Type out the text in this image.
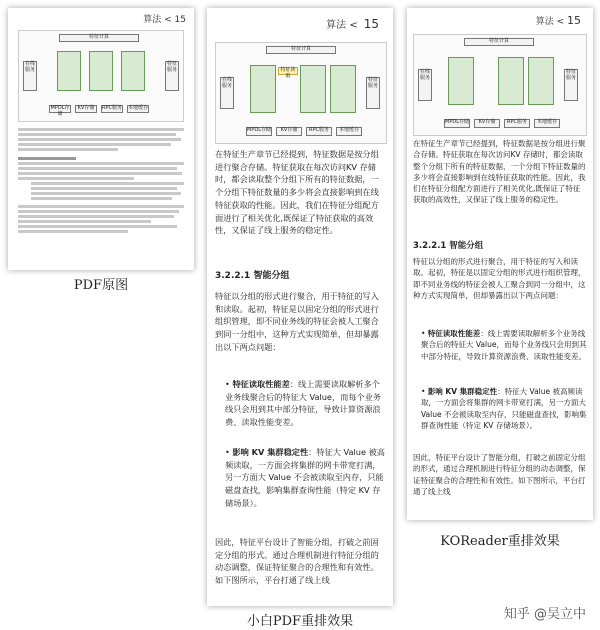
算法 < 15
特征计算
在线服务
特征服务
MPDL存储
KV存储	RPC服务 本地缓存
PDF原图
算法 < 15
特征计算
在线服务
特征读取
特征服务
MPDL存储	KV存储	RPC服务	本地缓存
在特征生产章节已经提到，特征数据是按分组进行聚合存储。特征获取在每次访问KV 存储时，都会读取整个分组下所有的特征数据，一个分组下特征数量的多少将会直接影响到在线特征获取的性能。因此，我们在特征分组配方面进行了相关优化,既保证了特征获取的高效性，又保证了线上服务的稳定性。
3.2.2.1 智能分组
特征以分组的形式进行聚合，用于特征的写入和读取。起初，特征是以固定分组的形式进行组织管理，即不同业务线的特征会被人工聚合到同一分组中，这种方式实现简单，但却暴露出以下两点问题：
• 特征读取性能差：线上需要读取解析多个业务线聚合后的特征大 Value，而每个业务线只会用到其中部分特征，导致计算资源浪费、读取性能变差。
• 影响 KV 集群稳定性：特征大 Value 被高频读取，一方面会将集群的网卡带宽打满，另一方面大 Value 不会被读取至内存，只能磁盘查找，影响集群查询性能（特定 KV 存储场景）。
因此，特征平台设计了智能分组，打破之前固定分组的形式。通过合理机制进行特征分组的动态调整，保证特征聚合的合理性和有效性。如下图所示，平台打通了线上线
小白PDF重排效果
算法 < 15
特征计算
在线服务
特征服务
MPDL存储	KV存储	RPC服务	本地缓存
在特征生产章节已经提到，特征数据是按分组进行聚合存储。特征获取在每次访问KV 存储时，都会读取整个分组下所有的特征数据，一个分组下特征数量的多少将会直接影响到在线特征获取的性能。因此，我们在特征分组配方面进行了相关优化,既保证了特征获取的高效性，又保证了线上服务的稳定性。
3.2.2.1 智能分组
特征以分组的形式进行聚合，用于特征的写入和读取。起初，特征是以固定分组的形式进行组织管理，即不同业务线的特征会被人工聚合到同一分组中，这种方式实现简单，但却暴露出以下两点问题：
• 特征读取性能差：线上需要读取解析多个业务线聚合后的特征大 Value，而每个业务线只会用到其中部分特征，导致计算资源浪费、读取性能变差。
• 影响 KV 集群稳定性：特征大 Value 被高频读取，一方面会将集群的网卡带宽打满，另一方面大 Value 不会被读取至内存，只能磁盘查找，影响集群查询性能（特定 KV 存储场景）。
因此，特征平台设计了智能分组，打破之前固定分组的形式，通过合理机制进行特征分组的动态调整，保证特征聚合的合理性和有效性。如下图所示，平台打通了线上线
KOReader重排效果
知乎 @吴立中
